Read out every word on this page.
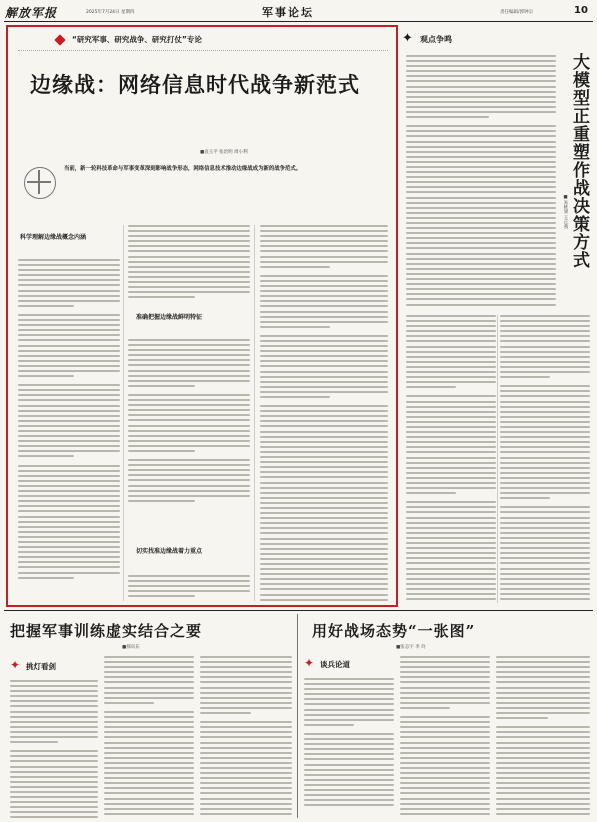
解放军报	2025年7月24日 星期四	军事论坛	责任编辑/郭钟宗	10
“研究军事、研究战争、研究打仗”专论
边缘战：网络信息时代战争新范式
■袁玉平 张治明 周小利
当前，新一轮科技革命与军事变革深刻影响战争形态，网络信息技术推动边缘战成为新的战争范式。
科学理解边缘战概念内涵
准确把握边缘战鲜明特征
切实找准边缘战着力重点
✦ 观点争鸣
大模型正重塑作战决策方式
■朱栋梁 王正燕
把握军事训练虚实结合之要
■郝向东
✦ 挑灯看剑
用好战场态势“一张图”
■张志宇 李 玲
✦ 谈兵论道
